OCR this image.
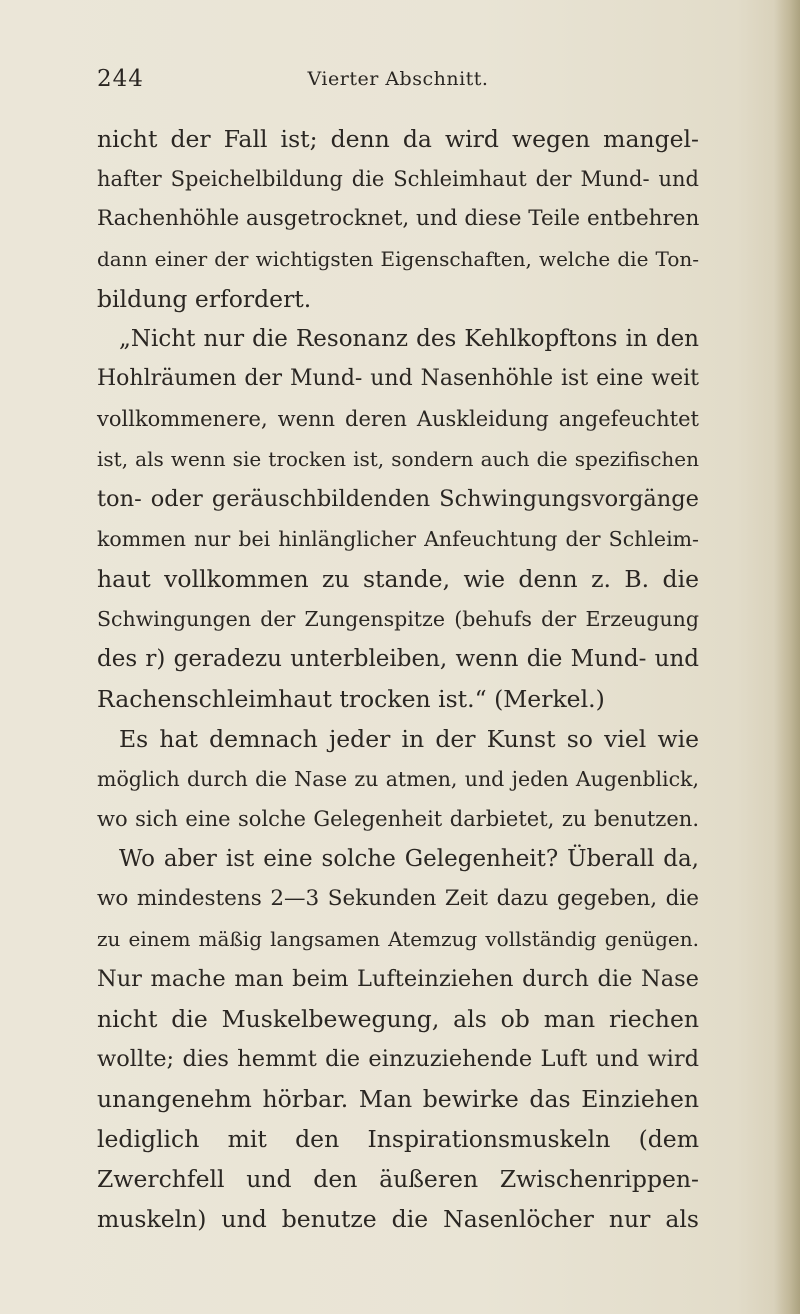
244	Vierter Abschnitt.
nicht der Fall ist; denn da wird wegen mangel-
hafter Speichelbildung die Schleimhaut der Mund- und
Rachenhöhle ausgetrocknet, und diese Teile entbehren
dann einer der wichtigsten Eigenschaften, welche die Ton-
bildung erfordert.
„Nicht nur die Resonanz des Kehlkopftons in den
Hohlräumen der Mund- und Nasenhöhle ist eine weit
vollkommenere, wenn deren Auskleidung angefeuchtet
ist, als wenn sie trocken ist, sondern auch die spezifischen
ton- oder geräuschbildenden Schwingungsvorgänge
kommen nur bei hinlänglicher Anfeuchtung der Schleim-
haut vollkommen zu stande, wie denn z. B. die
Schwingungen der Zungenspitze (behufs der Erzeugung
des r) geradezu unterbleiben, wenn die Mund- und
Rachenschleimhaut trocken ist.“ (Merkel.)
Es hat demnach jeder in der Kunst so viel wie
möglich durch die Nase zu atmen, und jeden Augenblick,
wo sich eine solche Gelegenheit darbietet, zu benutzen.
Wo aber ist eine solche Gelegenheit? Überall da,
wo mindestens 2—3 Sekunden Zeit dazu gegeben, die
zu einem mäßig langsamen Atemzug vollständig genügen.
Nur mache man beim Lufteinziehen durch die Nase
nicht die Muskelbewegung, als ob man riechen
wollte; dies hemmt die einzuziehende Luft und wird
unangenehm hörbar. Man bewirke das Einziehen
lediglich mit den Inspirationsmuskeln (dem
Zwerchfell und den äußeren Zwischenrippen-
muskeln) und benutze die Nasenlöcher nur als
